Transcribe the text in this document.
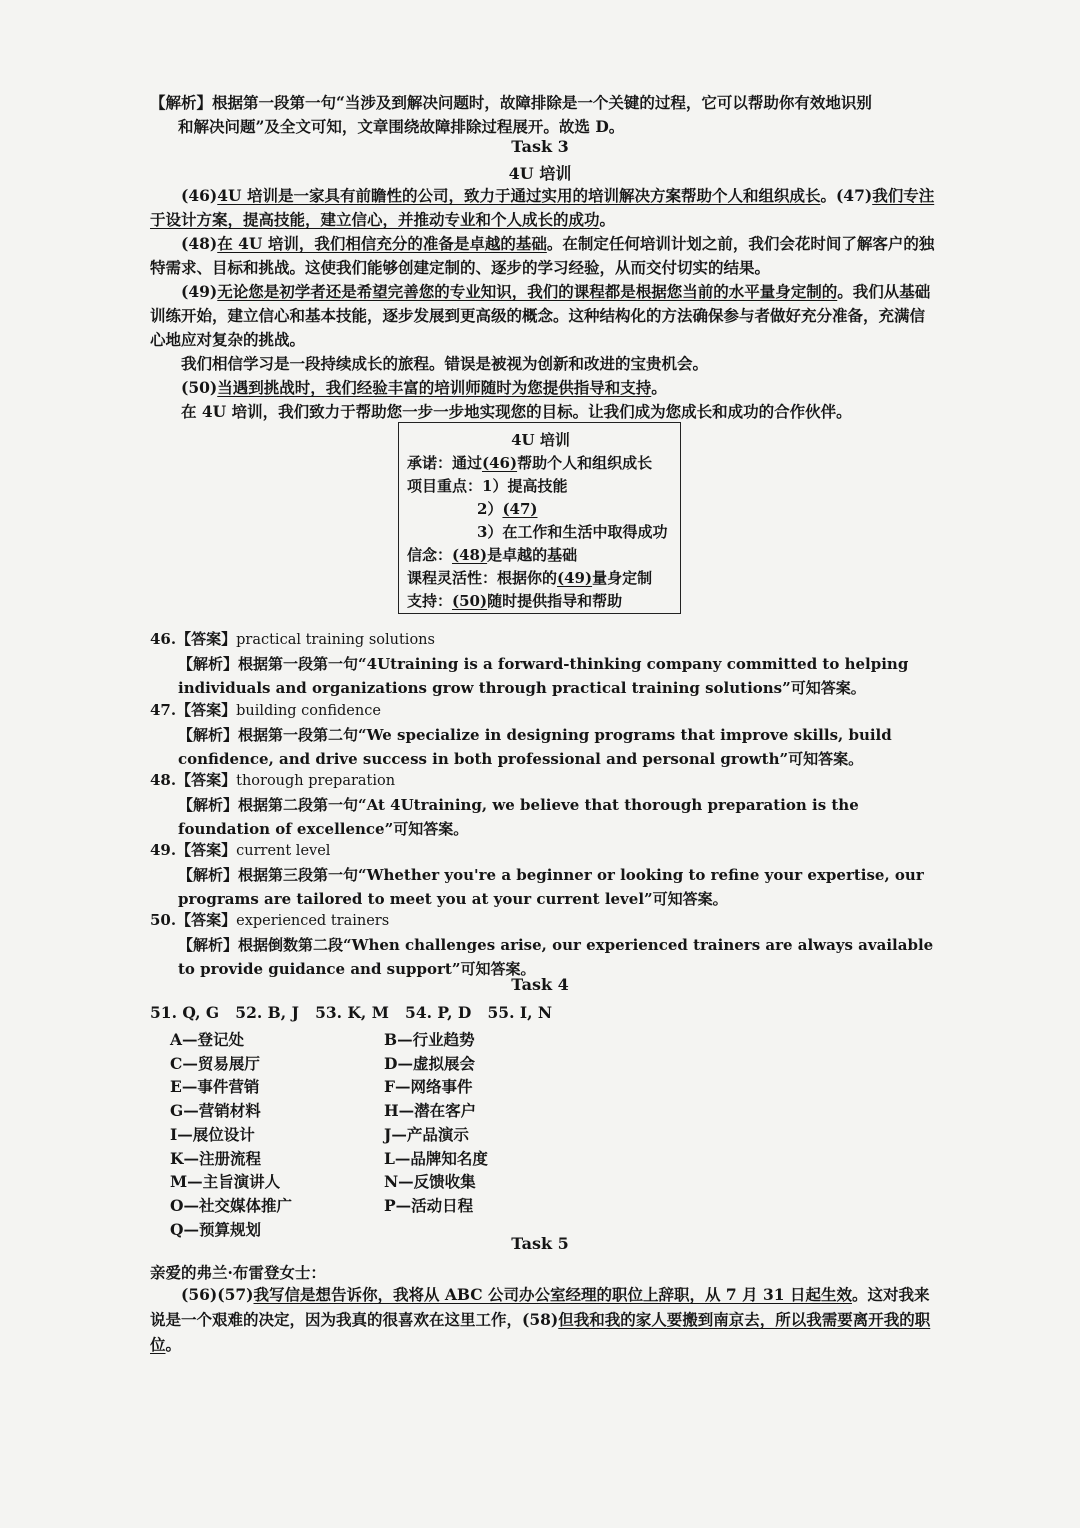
【解析】根据第一段第一句“当涉及到解决问题时，故障排除是一个关键的过程，它可以帮助你有效地识别
和解决问题”及全文可知，文章围绕故障排除过程展开。故选 D。
Task 3
4U 培训
(46)4U 培训是一家具有前瞻性的公司，致力于通过实用的培训解决方案帮助个人和组织成长。(47)我们专注于设计方案，提高技能，建立信心，并推动专业和个人成长的成功。
(48)在 4U 培训，我们相信充分的准备是卓越的基础。在制定任何培训计划之前，我们会花时间了解客户的独特需求、目标和挑战。这使我们能够创建定制的、逐步的学习经验，从而交付切实的结果。
(49)无论您是初学者还是希望完善您的专业知识，我们的课程都是根据您当前的水平量身定制的。我们从基础训练开始，建立信心和基本技能，逐步发展到更高级的概念。这种结构化的方法确保参与者做好充分准备，充满信心地应对复杂的挑战。
我们相信学习是一段持续成长的旅程。错误是被视为创新和改进的宝贵机会。
(50)当遇到挑战时，我们经验丰富的培训师随时为您提供指导和支持。
在 4U 培训，我们致力于帮助您一步一步地实现您的目标。让我们成为您成长和成功的合作伙伴。
4U 培训
承诺：通过(46)帮助个人和组织成长
项目重点：1）提高技能
2）(47)
3）在工作和生活中取得成功
信念：(48)是卓越的基础
课程灵活性：根据你的(49)量身定制
支持：(50)随时提供指导和帮助
46.【答案】practical training solutions
【解析】根据第一段第一句“4Utraining is a forward-thinking company committed to helping individuals and organizations grow through practical training solutions”可知答案。
47.【答案】building confidence
【解析】根据第一段第二句“We specialize in designing programs that improve skills, build confidence, and drive success in both professional and personal growth”可知答案。
48.【答案】thorough preparation
【解析】根据第二段第一句“At 4Utraining, we believe that thorough preparation is the foundation of excellence”可知答案。
49.【答案】current level
【解析】根据第三段第一句“Whether you're a beginner or looking to refine your expertise, our programs are tailored to meet you at your current level”可知答案。
50.【答案】experienced trainers
【解析】根据倒数第二段“When challenges arise, our experienced trainers are always available to provide guidance and support”可知答案。
Task 4
51. Q, G   52. B, J   53. K, M   54. P, D   55. I, N
A—登记处
C—贸易展厅
E—事件营销
G—营销材料
I—展位设计
K—注册流程
M—主旨演讲人
O—社交媒体推广
Q—预算规划
B—行业趋势
D—虚拟展会
F—网络事件
H—潜在客户
J—产品演示
L—品牌知名度
N—反馈收集
P—活动日程
Task 5
亲爱的弗兰·布雷登女士：
(56)(57)我写信是想告诉你，我将从 ABC 公司办公室经理的职位上辞职，从 7 月 31 日起生效。这对我来说是一个艰难的决定，因为我真的很喜欢在这里工作，(58)但我和我的家人要搬到南京去，所以我需要离开我的职位。
